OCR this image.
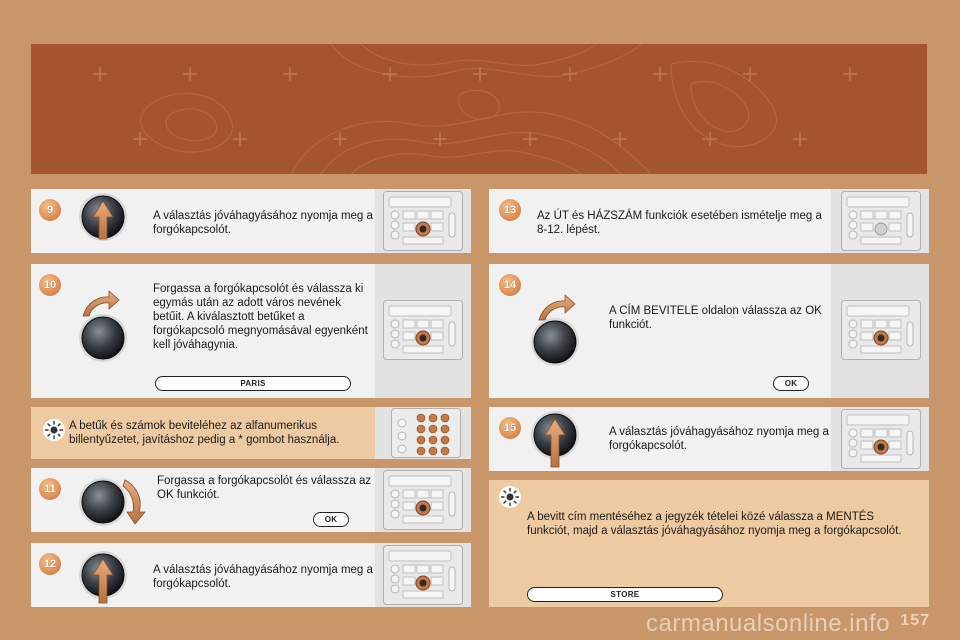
9	A választás jóváhagyásához nyomja meg a forgókapcsolót.
10	Forgassa a forgókapcsolót és válassza ki egymás után az adott város nevének betűit. A kiválasztott betűket a forgókapcsoló megnyomásával egyenként kell jóváhagynia.
PARIS
A betűk és számok beviteléhez az alfanumerikus billentyűzetet, javításhoz pedig a * gombot használja.
11
Forgassa a forgókapcsolót és válassza az OK funkciót.
OK
12	A választás jóváhagyásához nyomja meg a forgókapcsolót.
13	Az ÚT és HÁZSZÁM funkciók esetében ismételje meg a 8-12. lépést.
14
A CÍM BEVITELE oldalon válassza az OK funkciót.
OK
15	A választás jóváhagyásához nyomja meg a forgókapcsolót.
A bevitt cím mentéséhez a jegyzék tételei közé válassza a MENTÉS funkciót, majd a választás jóváhagyásához nyomja meg a forgókapcsolót.
STORE
carmanualsonline.info 157
